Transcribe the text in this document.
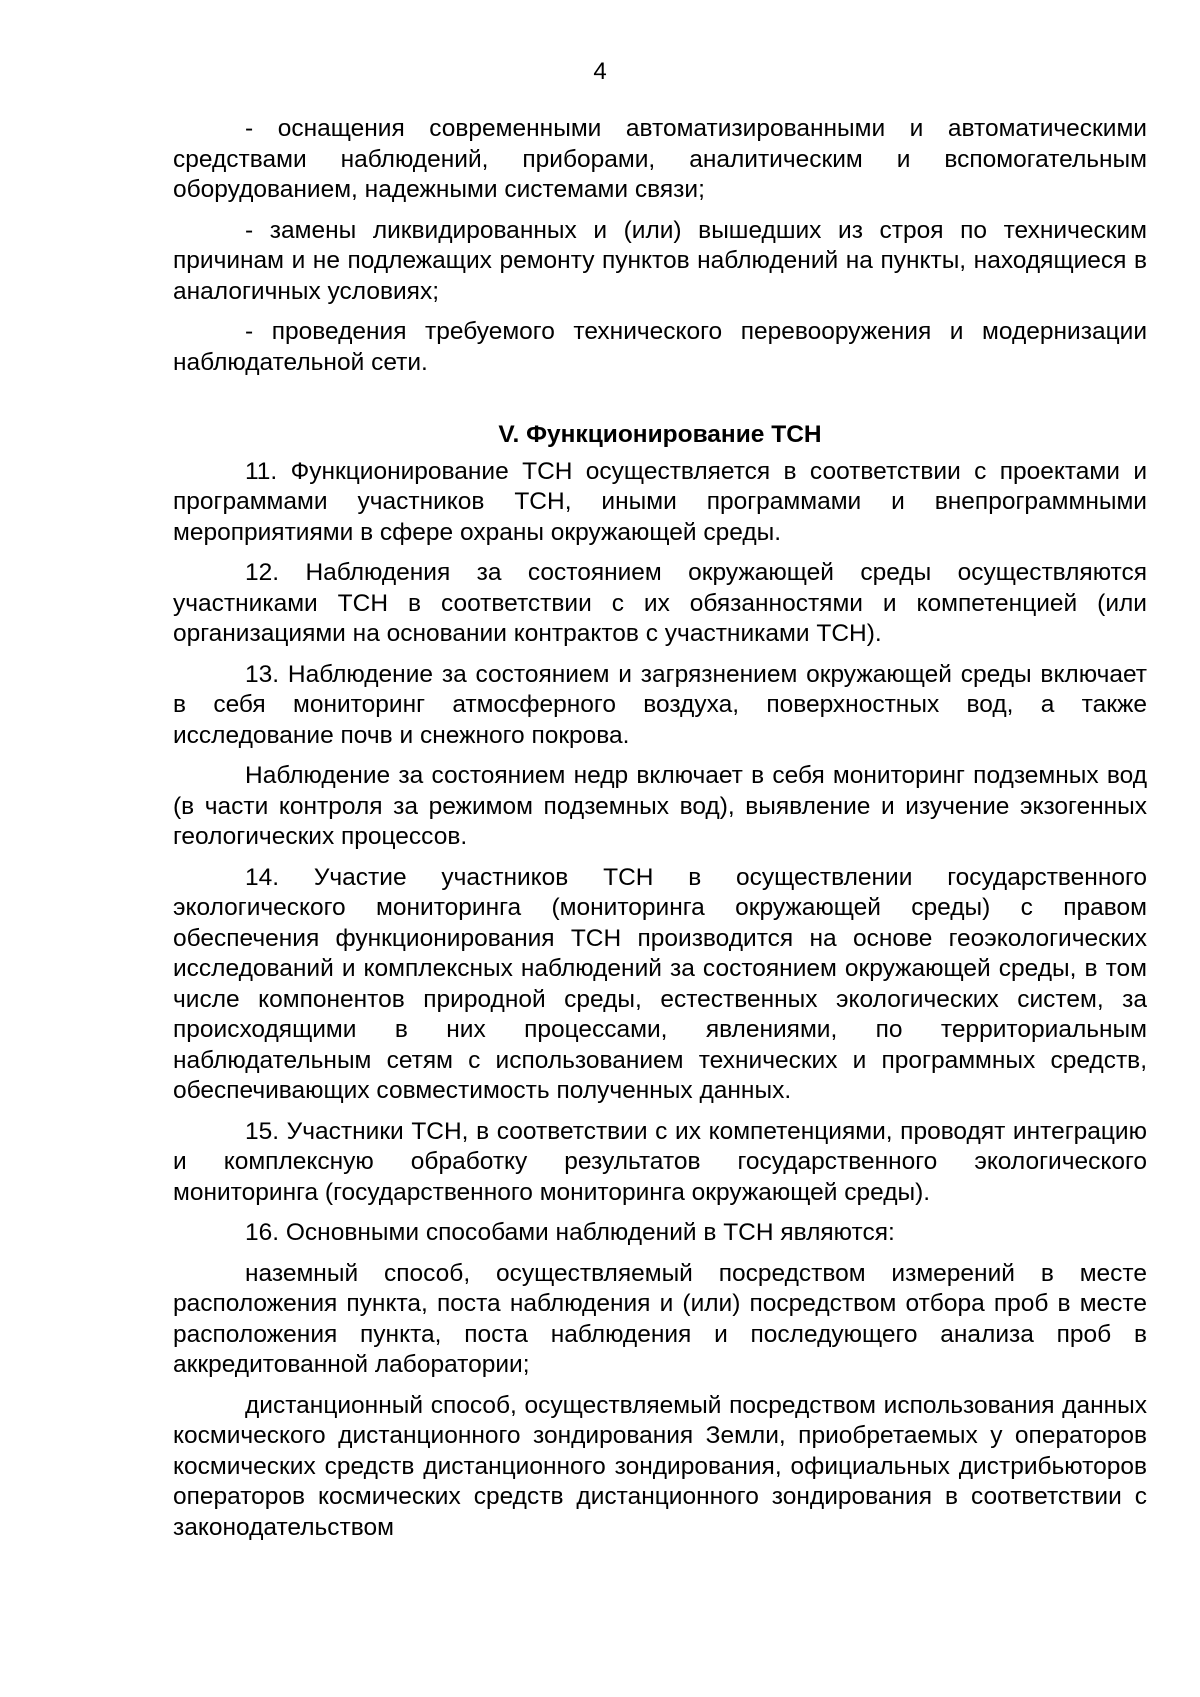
4

- оснащения современными автоматизированными и автоматическими средствами наблюдений, приборами, аналитическим и вспомогательным оборудованием, надежными системами связи;

- замены ликвидированных и (или) вышедших из строя по техническим причинам и не подлежащих ремонту пунктов наблюдений на пункты, находящиеся в аналогичных условиях;

- проведения требуемого технического перевооружения и модернизации наблюдательной сети.

V. Функционирование ТСН

11. Функционирование ТСН осуществляется в соответствии с проектами и программами участников ТСН, иными программами и внепрограммными мероприятиями в сфере охраны окружающей среды.

12. Наблюдения за состоянием окружающей среды осуществляются участниками ТСН в соответствии с их обязанностями и компетенцией (или организациями на основании контрактов с участниками ТСН).

13. Наблюдение за состоянием и загрязнением окружающей среды включает в себя мониторинг атмосферного воздуха, поверхностных вод, а также исследование почв и снежного покрова.

Наблюдение за состоянием недр включает в себя мониторинг подземных вод (в части контроля за режимом подземных вод), выявление и изучение экзогенных геологических процессов.

14. Участие участников ТСН в осуществлении государственного экологического мониторинга (мониторинга окружающей среды) с правом обеспечения функционирования ТСН производится на основе геоэкологических исследований и комплексных наблюдений за состоянием окружающей среды, в том числе компонентов природной среды, естественных экологических систем, за происходящими в них процессами, явлениями, по территориальным наблюдательным сетям с использованием технических и программных средств, обеспечивающих совместимость полученных данных.

15. Участники ТСН, в соответствии с их компетенциями, проводят интеграцию и комплексную обработку результатов государственного экологического мониторинга (государственного мониторинга окружающей среды).

16. Основными способами наблюдений в ТСН являются:

наземный способ, осуществляемый посредством измерений в месте расположения пункта, поста наблюдения и (или) посредством отбора проб в месте расположения пункта, поста наблюдения и последующего анализа проб в аккредитованной лаборатории;

дистанционный способ, осуществляемый посредством использования данных космического дистанционного зондирования Земли, приобретаемых у операторов космических средств дистанционного зондирования, официальных дистрибьюторов операторов космических средств дистанционного зондирования в соответствии с законодательством
